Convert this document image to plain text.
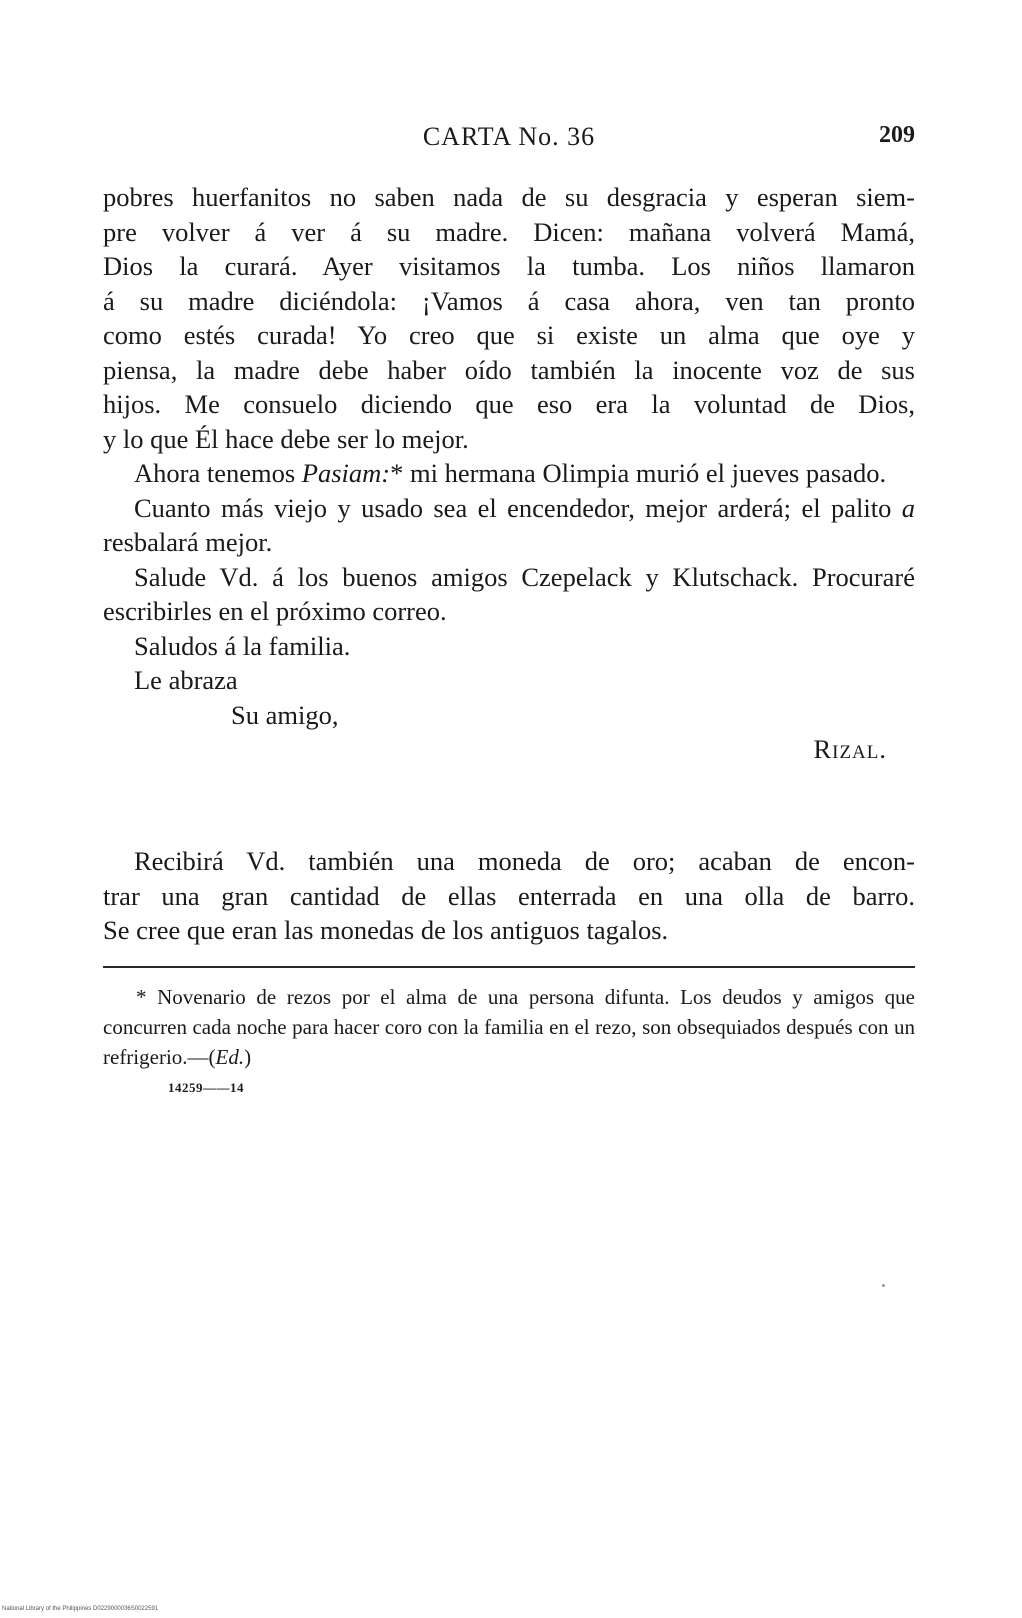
CARTA No. 36	209

pobres huerfanitos no saben nada de su desgracia y esperan siem-

pre volver á ver á su madre. Dicen: mañana volverá Mamá,

Dios la curará. Ayer visitamos la tumba. Los niños llamaron

á su madre diciéndola: ¡Vamos á casa ahora, ven tan pronto

como estés curada! Yo creo que si existe un alma que oye y

piensa, la madre debe haber oído también la inocente voz de sus

hijos. Me consuelo diciendo que eso era la voluntad de Dios,

y lo que Él hace debe ser lo mejor.

Ahora tenemos Pasiam:* mi hermana Olimpia murió el jueves pasado.

Cuanto más viejo y usado sea el encendedor, mejor arderá; el palito a resbalará mejor.

Salude Vd. á los buenos amigos Czepelack y Klutschack. Procuraré escribirles en el próximo correo.

Saludos á la familia.

Le abraza

Su amigo,

Rizal.

Recibirá Vd. también una moneda de oro; acaban de encon-

trar una gran cantidad de ellas enterrada en una olla de barro.

Se cree que eran las monedas de los antiguos tagalos.

* Novenario de rezos por el alma de una persona difunta. Los deudos y amigos que concurren cada noche para hacer coro con la familia en el rezo, son obsequiados después con un refrigerio.—(Ed.)

14259——14
National Library of the Philippines D0229000036S0022591
